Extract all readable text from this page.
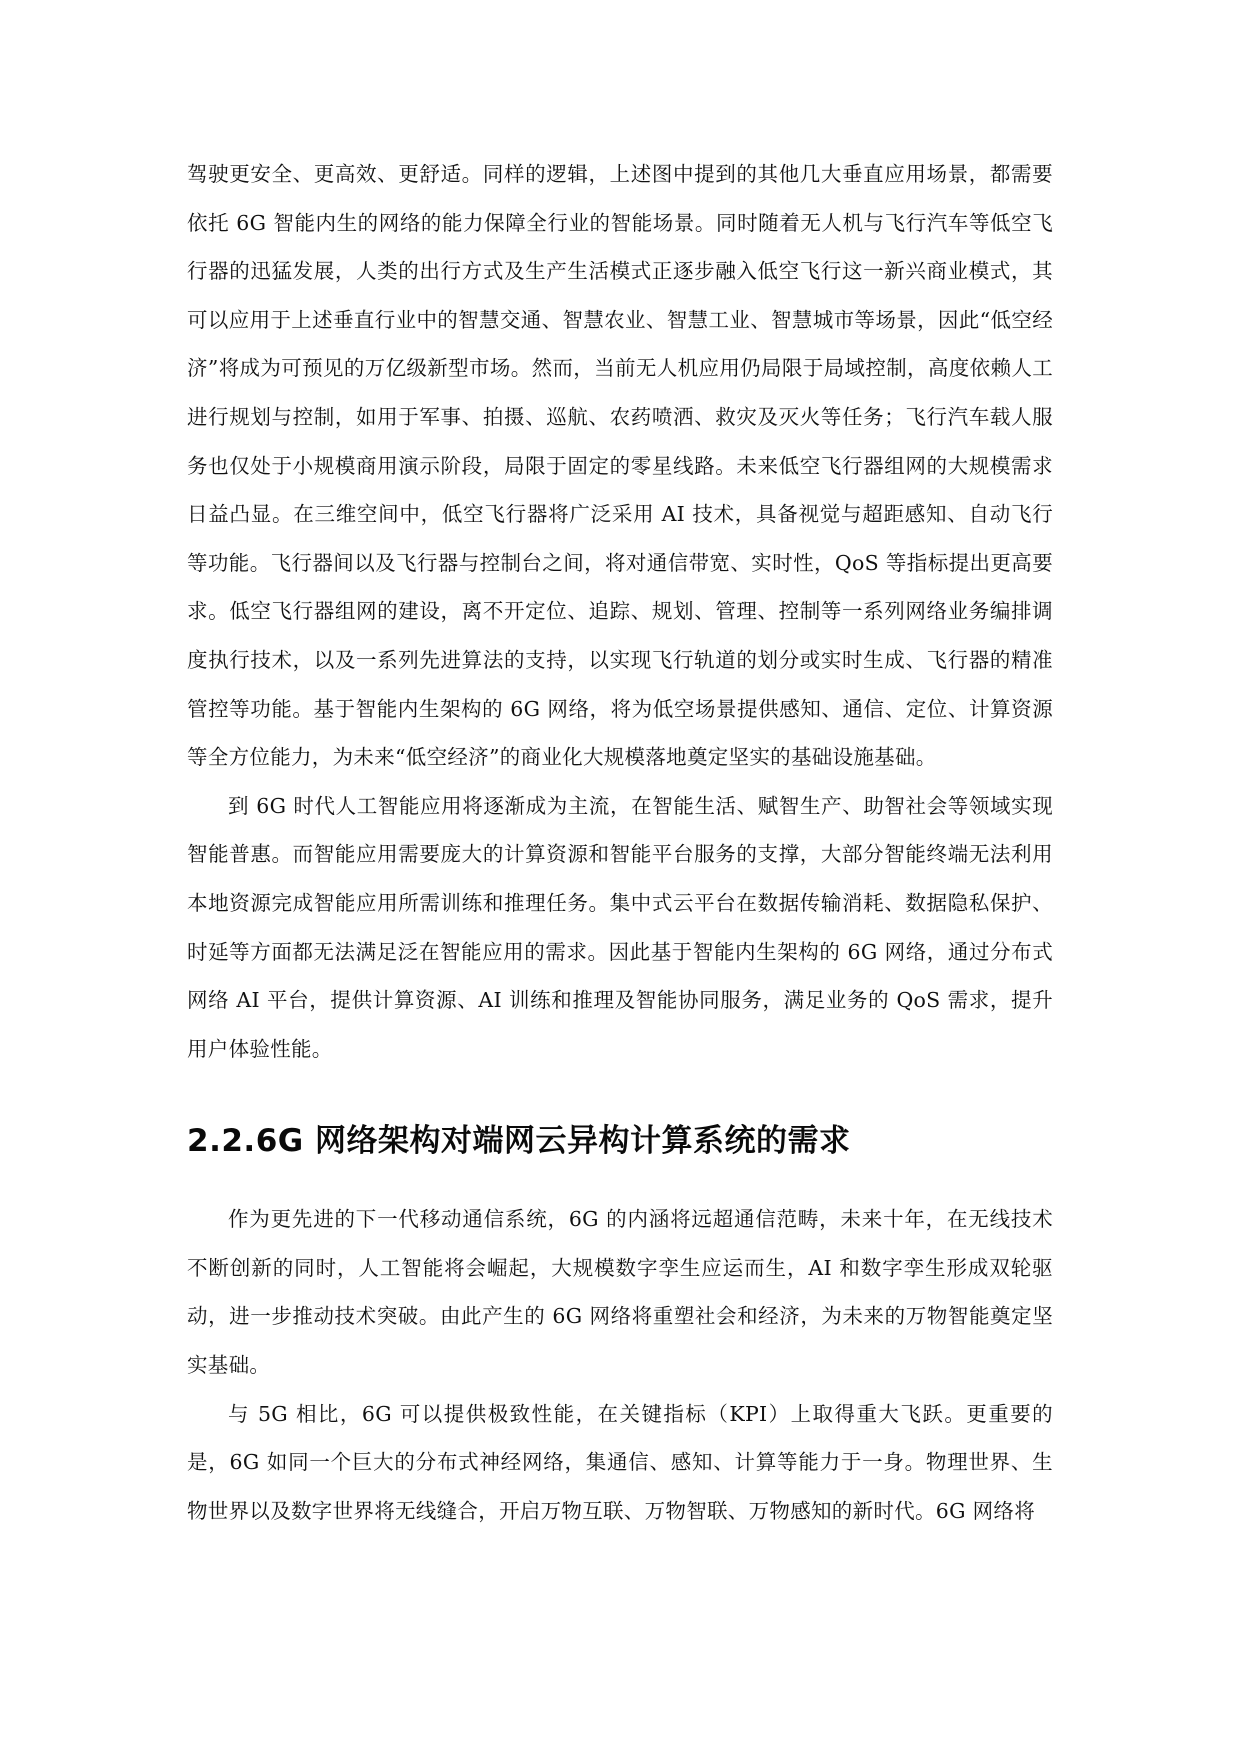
驾驶更安全、更高效、更舒适。同样的逻辑，上述图中提到的其他几大垂直应用场景，都需要依托 6G 智能内生的网络的能力保障全行业的智能场景。同时随着无人机与飞行汽车等低空飞行器的迅猛发展，人类的出行方式及生产生活模式正逐步融入低空飞行这一新兴商业模式，其可以应用于上述垂直行业中的智慧交通、智慧农业、智慧工业、智慧城市等场景，因此“低空经济”将成为可预见的万亿级新型市场。然而，当前无人机应用仍局限于局域控制，高度依赖人工进行规划与控制，如用于军事、拍摄、巡航、农药喷洒、救灾及灭火等任务；飞行汽车载人服务也仅处于小规模商用演示阶段，局限于固定的零星线路。未来低空飞行器组网的大规模需求日益凸显。在三维空间中，低空飞行器将广泛采用 AI 技术，具备视觉与超距感知、自动飞行等功能。飞行器间以及飞行器与控制台之间，将对通信带宽、实时性，QoS 等指标提出更高要求。低空飞行器组网的建设，离不开定位、追踪、规划、管理、控制等一系列网络业务编排调度执行技术，以及一系列先进算法的支持，以实现飞行轨道的划分或实时生成、飞行器的精准管控等功能。基于智能内生架构的 6G 网络，将为低空场景提供感知、通信、定位、计算资源等全方位能力，为未来“低空经济”的商业化大规模落地奠定坚实的基础设施基础。

到 6G 时代人工智能应用将逐渐成为主流，在智能生活、赋智生产、助智社会等领域实现智能普惠。而智能应用需要庞大的计算资源和智能平台服务的支撑，大部分智能终端无法利用本地资源完成智能应用所需训练和推理任务。集中式云平台在数据传输消耗、数据隐私保护、时延等方面都无法满足泛在智能应用的需求。因此基于智能内生架构的 6G 网络，通过分布式网络 AI 平台，提供计算资源、AI 训练和推理及智能协同服务，满足业务的 QoS 需求，提升用户体验性能。

2.2.6G 网络架构对端网云异构计算系统的需求

作为更先进的下一代移动通信系统，6G 的内涵将远超通信范畴，未来十年，在无线技术不断创新的同时，人工智能将会崛起，大规模数字孪生应运而生，AI 和数字孪生形成双轮驱动，进一步推动技术突破。由此产生的 6G 网络将重塑社会和经济，为未来的万物智能奠定坚实基础。

与 5G 相比，6G 可以提供极致性能，在关键指标（KPI）上取得重大飞跃。更重要的是，6G 如同一个巨大的分布式神经网络，集通信、感知、计算等能力于一身。物理世界、生物世界以及数字世界将无线缝合，开启万物互联、万物智联、万物感知的新时代。6G 网络将
